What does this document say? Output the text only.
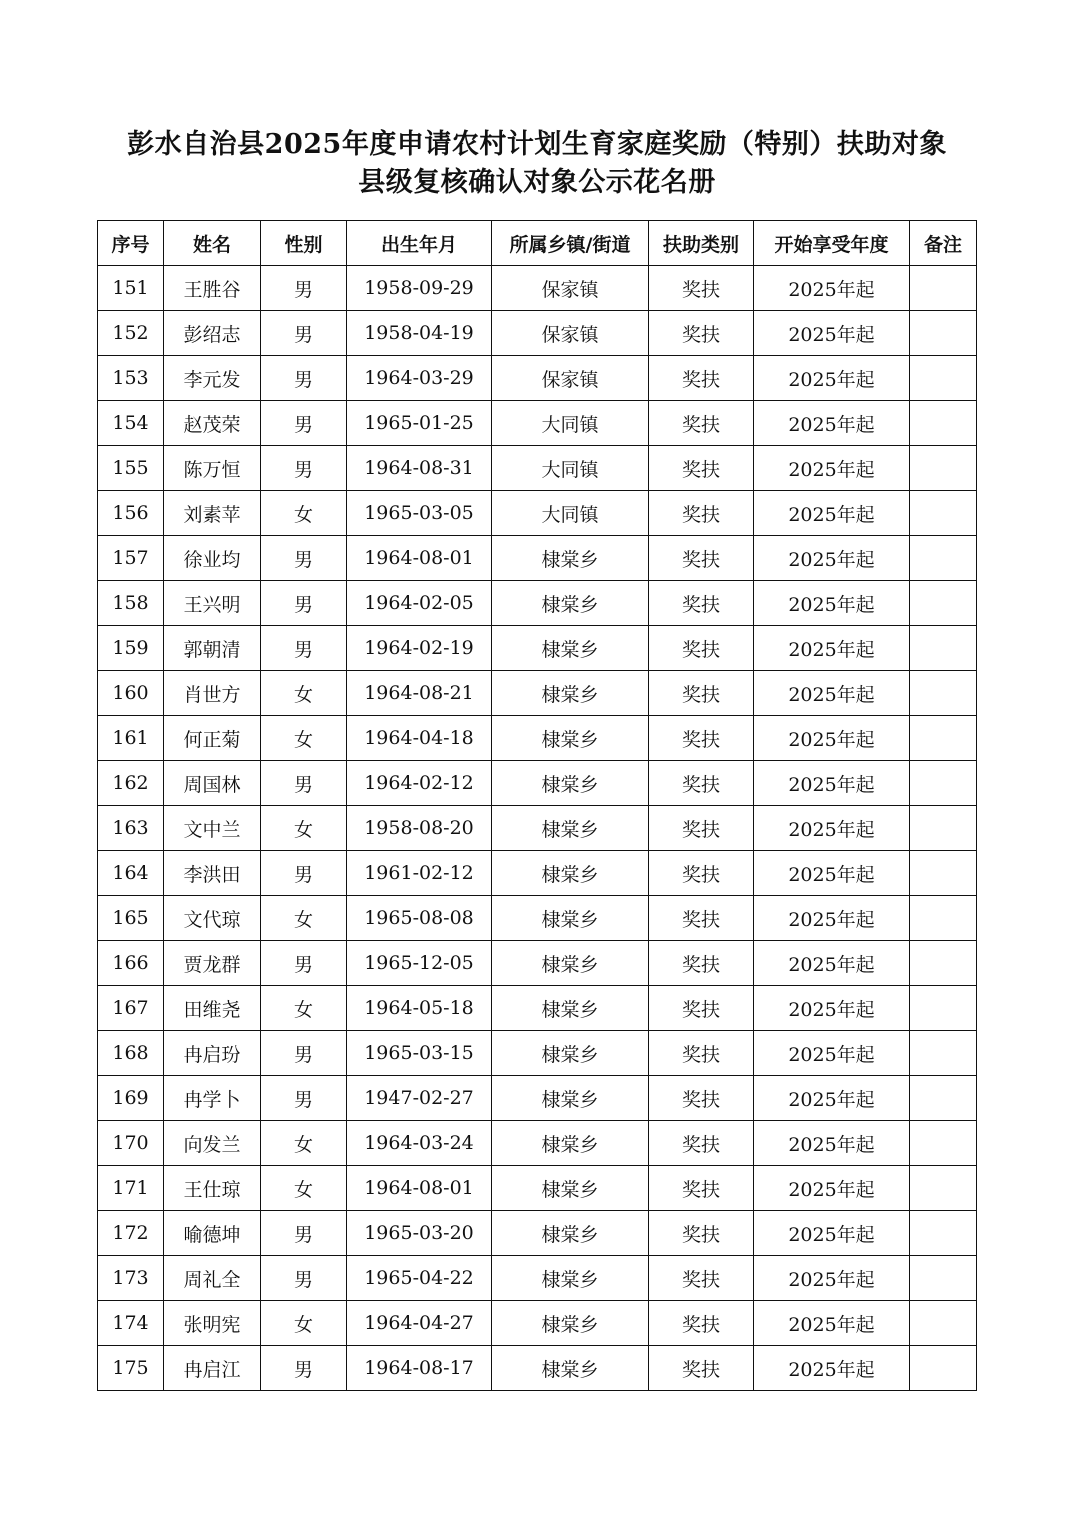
彭水自治县2025年度申请农村计划生育家庭奖励（特别）扶助对象
县级复核确认对象公示花名册
序号	姓名	性别	出生年月	所属乡镇/街道	扶助类别	开始享受年度	备注
151	王胜谷	男	1958-09-29	保家镇	奖扶	2025年起	
152	彭绍志	男	1958-04-19	保家镇	奖扶	2025年起	
153	李元发	男	1964-03-29	保家镇	奖扶	2025年起	
154	赵茂荣	男	1965-01-25	大同镇	奖扶	2025年起	
155	陈万恒	男	1964-08-31	大同镇	奖扶	2025年起	
156	刘素苹	女	1965-03-05	大同镇	奖扶	2025年起	
157	徐业均	男	1964-08-01	棣棠乡	奖扶	2025年起	
158	王兴明	男	1964-02-05	棣棠乡	奖扶	2025年起	
159	郭朝清	男	1964-02-19	棣棠乡	奖扶	2025年起	
160	肖世方	女	1964-08-21	棣棠乡	奖扶	2025年起	
161	何正菊	女	1964-04-18	棣棠乡	奖扶	2025年起	
162	周国林	男	1964-02-12	棣棠乡	奖扶	2025年起	
163	文中兰	女	1958-08-20	棣棠乡	奖扶	2025年起	
164	李洪田	男	1961-02-12	棣棠乡	奖扶	2025年起	
165	文代琼	女	1965-08-08	棣棠乡	奖扶	2025年起	
166	贾龙群	男	1965-12-05	棣棠乡	奖扶	2025年起	
167	田维尧	女	1964-05-18	棣棠乡	奖扶	2025年起	
168	冉启玢	男	1965-03-15	棣棠乡	奖扶	2025年起	
169	冉学卜	男	1947-02-27	棣棠乡	奖扶	2025年起	
170	向发兰	女	1964-03-24	棣棠乡	奖扶	2025年起	
171	王仕琼	女	1964-08-01	棣棠乡	奖扶	2025年起	
172	喻德坤	男	1965-03-20	棣棠乡	奖扶	2025年起	
173	周礼全	男	1965-04-22	棣棠乡	奖扶	2025年起	
174	张明宪	女	1964-04-27	棣棠乡	奖扶	2025年起	
175	冉启江	男	1964-08-17	棣棠乡	奖扶	2025年起	
